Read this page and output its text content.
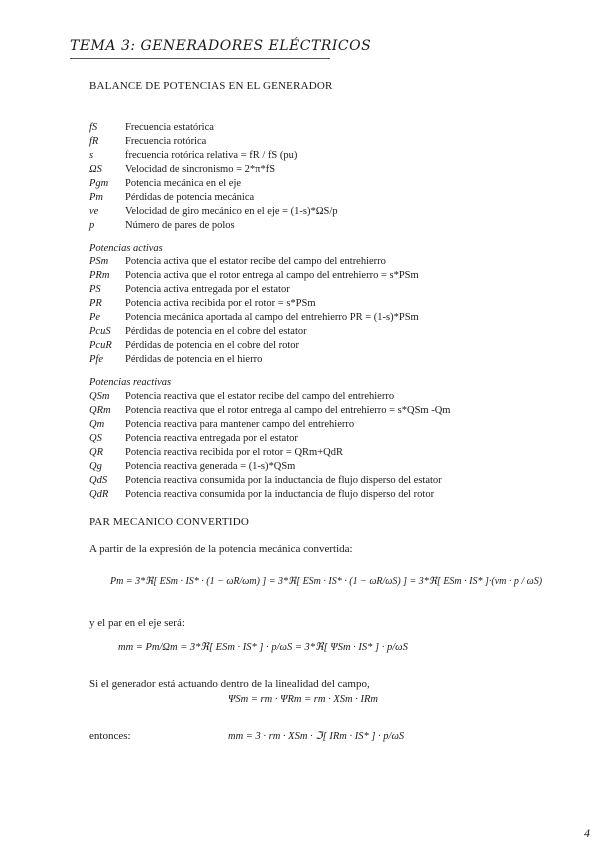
TEMA 3: GENERADORES ELÉCTRICOS
BALANCE DE POTENCIAS EN EL GENERADOR
fS	Frecuencia estatórica
fR	Frecuencia rotórica
s	frecuencia rotórica relativa = fR / fS (pu)
ΩS Velocidad de sincronismo = 2*π*fS
Pgm Potencia mecánica en el eje
Pm Pérdidas de potencia mecánica
ve	Velocidad de giro mecánico en el eje = (1-s)*ΩS/p
p	Número de pares de polos
Potencias activas
PSm Potencia activa que el estator recibe del campo del entrehierro
PRm Potencia activa que el rotor entrega al campo del entrehierro = s*PSm
PS Potencia activa entregada por el estator
PR Potencia activa recibida por el rotor = s*PSm
Pe Potencia mecánica aportada al campo del entrehierro PR = (1-s)*PSm
PcuS Pérdidas de potencia en el cobre del estator
PcuR Pérdidas de potencia en el cobre del rotor
Pfe Pérdidas de potencia en el hierro
Potencias reactivas
QSm Potencia reactiva que el estator recibe del campo del entrehierro
QRm Potencia reactiva que el rotor entrega al campo del entrehierro = s*QSm -Qm
Qm Potencia reactiva para mantener campo del entrehierro
QS Potencia reactiva entregada por el estator
QR Potencia reactiva recibida por el rotor = QRm+QdR
Qg Potencia reactiva generada = (1-s)*QSm
QdS Potencia reactiva consumida por la inductancia de flujo disperso del estator
QdR Potencia reactiva consumida por la inductancia de flujo disperso del rotor
PAR MECANICO CONVERTIDO
A partir de la expresión de la potencia mecánica convertida:
Pm = 3*ℜ[ ESm · IS* · (1 − ωR/ωm) ] = 3*ℜ[ ESm · IS* · (1 − ωR/ωS) ] = 3*ℜ[ ESm · IS* ]·(vm · p / ωS)
y el par en el eje será:
mm = Pm/Ωm = 3*ℜ[ ESm · IS* ] · p/ωS = 3*ℜ[ ΨSm · IS* ] · p/ωS
Si el generador está actuando dentro de la linealidad del campo,
ΨSm = rm · ΨRm = rm · XSm · IRm
entonces:	mm = 3 · rm · XSm · ℑ[ IRm · IS* ] · p/ωS
4
